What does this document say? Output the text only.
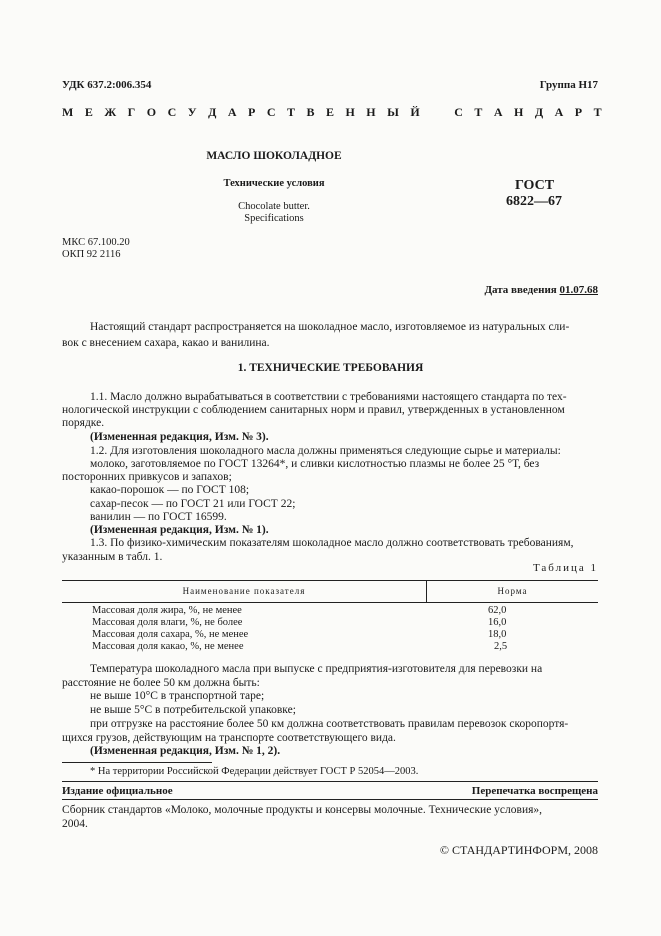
УДК 637.2:006.354	Группа Н17
М Е Ж Г О С У Д А Р С Т В Е Н Н Ы Й	С Т А Н Д А Р Т
МАСЛО ШОКОЛАДНОЕ
Технические условия
Chocolate butter.
Specifications
ГОСТ
6822—67
МКС 67.100.20
ОКП 92 2116
Дата введения 01.07.68
Настоящий стандарт распространяется на шоколадное масло, изготовляемое из натуральных сли-
вок с внесением сахара, какао и ванилина.
1. ТЕХНИЧЕСКИЕ ТРЕБОВАНИЯ
1.1. Масло должно вырабатываться в соответствии с требованиями настоящего стандарта по тех-
нологической инструкции с соблюдением санитарных норм и правил, утвержденных в установленном
порядке.
(Измененная редакция, Изм. № 3).
1.2. Для изготовления шоколадного масла должны применяться следующие сырье и материалы:
молоко, заготовляемое по ГОСТ 13264*, и сливки кислотностью плазмы не более 25 °Т, без
посторонних привкусов и запахов;
какао-порошок — по ГОСТ 108;
сахар-песок — по ГОСТ 21 или ГОСТ 22;
ванилин — по ГОСТ 16599.
(Измененная редакция, Изм. № 1).
1.3. По физико-химическим показателям шоколадное масло должно соответствовать требованиям,
указанным в табл. 1.
Таблица 1
Наименование показателя	Норма
Массовая доля жира, %, не менее	62,0
Массовая доля влаги, %, не более	16,0
Массовая доля сахара, %, не менее	18,0
Массовая доля какао, %, не менее	2,5
Температура шоколадного масла при выпуске с предприятия-изготовителя для перевозки на
расстояние не более 50 км должна быть:
не выше 10°С в транспортной таре;
не выше 5°С в потребительской упаковке;
при отгрузке на расстояние более 50 км должна соответствовать правилам перевозок скоропортя-
щихся грузов, действующим на транспорте соответствующего вида.
(Измененная редакция, Изм. № 1, 2).
* На территории Российской Федерации действует ГОСТ Р 52054—2003.
Издание официальное	Перепечатка воспрещена
Сборник стандартов «Молоко, молочные продукты и консервы молочные. Технические условия»,
2004.
© СТАНДАРТИНФОРМ, 2008
